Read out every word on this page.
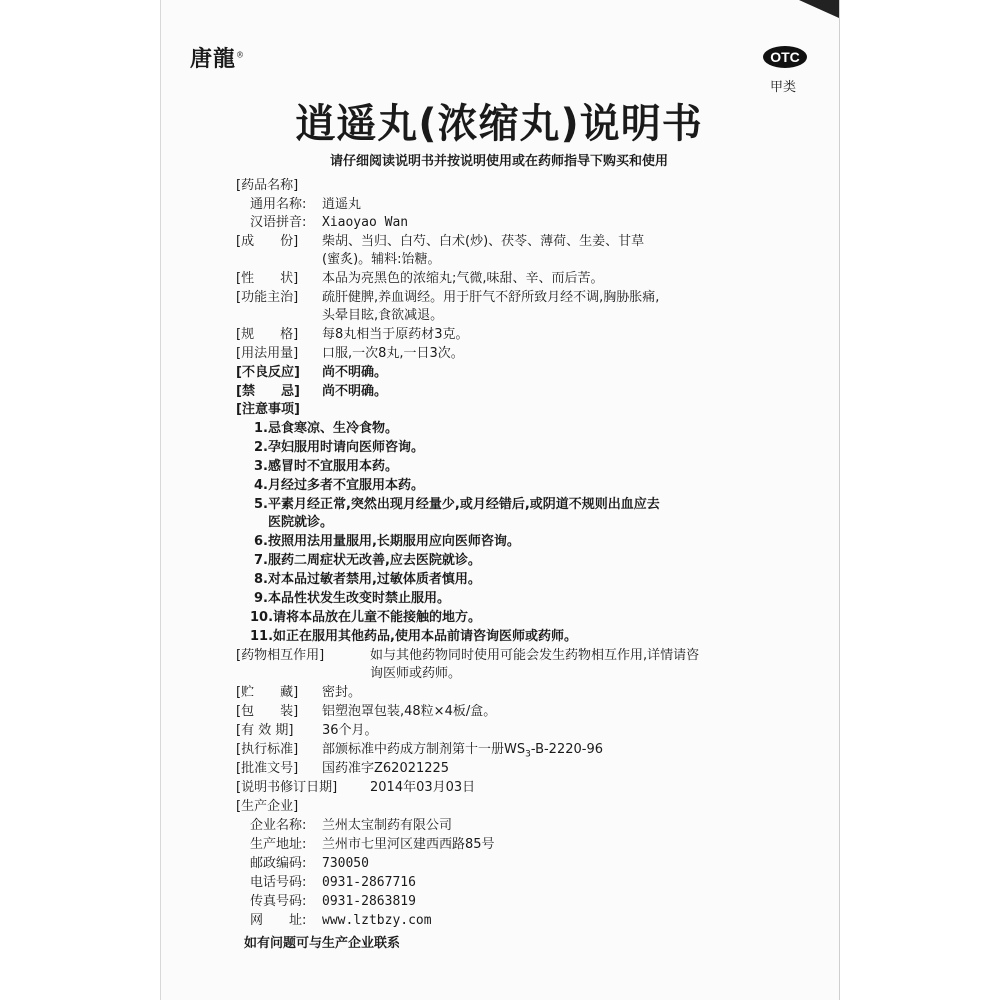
唐龍®	OTC
甲类
逍遥丸(浓缩丸)说明书
请仔细阅读说明书并按说明使用或在药师指导下购买和使用
[药品名称]
通用名称: 逍遥丸
汉语拼音: Xiaoyao Wan
[成　　份] 柴胡、当归、白芍、白术(炒)、茯苓、薄荷、生姜、甘草
(蜜炙)。辅料:饴糖。
[性　　状] 本品为亮黑色的浓缩丸;气微,味甜、辛、而后苦。
[功能主治] 疏肝健脾,养血调经。用于肝气不舒所致月经不调,胸胁胀痛,
头晕目眩,食欲减退。
[规　　格] 每8丸相当于原药材3克。
[用法用量] 口服,一次8丸,一日3次。
[不良反应] 尚不明确。
[禁　　忌] 尚不明确。
[注意事项]
1.忌食寒凉、生冷食物。
2.孕妇服用时请向医师咨询。
3.感冒时不宜服用本药。
4.月经过多者不宜服用本药。
5.平素月经正常,突然出现月经量少,或月经错后,或阴道不规则出血应去
医院就诊。
6.按照用法用量服用,长期服用应向医师咨询。
7.服药二周症状无改善,应去医院就诊。
8.对本品过敏者禁用,过敏体质者慎用。
9.本品性状发生改变时禁止服用。
10.请将本品放在儿童不能接触的地方。
11.如正在服用其他药品,使用本品前请咨询医师或药师。
[药物相互作用]	如与其他药物同时使用可能会发生药物相互作用,详情请咨
询医师或药师。
[贮　　藏] 密封。
[包　　装] 铝塑泡罩包装,48粒×4板/盒。
[有 效 期] 36个月。
[执行标准] 部颁标准中药成方制剂第十一册$WS_3-B-2220-96$
[批准文号] 国药准字Z62021225
[说明书修订日期]	2014年03月03日
[生产企业]
企业名称: 兰州太宝制药有限公司
生产地址: 兰州市七里河区建西西路85号
邮政编码: 730050
电话号码: 0931-2867716
传真号码: 0931-2863819
网　　址: www.lztbzy.com
如有问题可与生产企业联系
